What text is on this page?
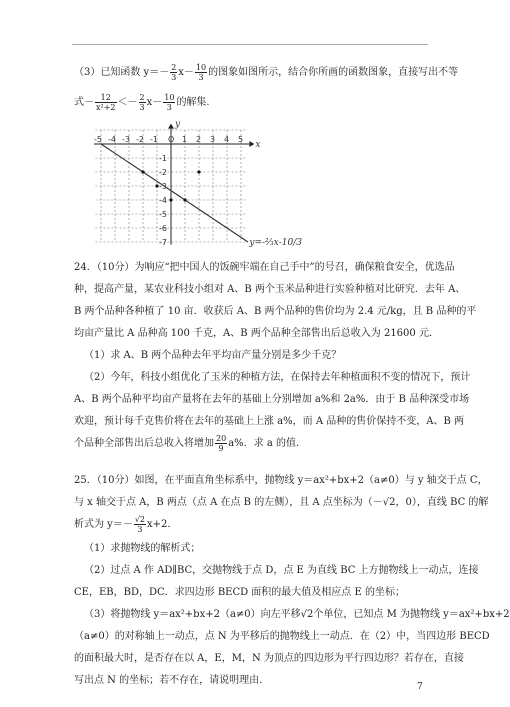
（3）已知函数 $y=- \frac{2}{3} x- \frac{10}{3}$ 的图象如图所示，结合你所画的函数图象，直接写出不等
式－ $\frac{12}{\text{x²+2}} <- \frac{2}{3} x- \frac{10}{3}$ 的解集.
x
y
-5 -4 -3 -2 -1 O 1 2 3 4 5
-1
-2
-3
-4
-5
-6
-7	y=-⅔x-10/3
24．（10分）为响应“把中国人的饭碗牢端在自己手中”的号召，确保粮食安全，优选品
种，提高产量，某农业科技小组对 A、B 两个玉米品种进行实验种植对比研究．去年 A、
B 两个品种各种植了 10 亩．收获后 A、B 两个品种的售价均为 2.4 元/kg，且 B 品种的平
均亩产量比 A 品种高 100 千克，A、B 两个品种全部售出后总收入为 21600 元．
（1）求 A、B 两个品种去年平均亩产量分别是多少千克？
（2）今年，科技小组优化了玉米的种植方法，在保持去年种植面积不变的情况下，预计
A、B 两个品种平均亩产量将在去年的基础上分别增加 a%和 2a%．由于 B 品种深受市场
欢迎，预计每千克售价将在去年的基础上上涨 a%，而 A 品种的售价保持不变，A、B 两
个品种全部售出后总收入将增加 $\frac{20}{9} a\%$．求 a 的值．
25．（10分）如图，在平面直角坐标系中，抛物线 y＝ax²+bx+2（a≠0）与 y 轴交于点 C，
与 x 轴交于点 A，B 两点（点 A 在点 B 的左侧），且 A 点坐标为（－√2，0），直线 BC 的解
析式为 $y=- \frac{√2}{3} x+2$．
（1）求抛物线的解析式；
（2）过点 A 作 AD∥BC，交抛物线于点 D，点 E 为直线 BC 上方抛物线上一动点，连接
CE，EB，BD，DC．求四边形 BECD 面积的最大值及相应点 E 的坐标；
（3）将抛物线 y＝ax²+bx+2（a≠0）向左平移√2个单位，已知点 M 为抛物线 y＝ax²+bx+2
（a≠0）的对称轴上一动点，点 N 为平移后的抛物线上一动点．在（2）中，当四边形 BECD
的面积最大时，是否存在以 A，E，M，N 为顶点的四边形为平行四边形？若存在，直接
写出点 N 的坐标；若不存在，请说明理由．
7
